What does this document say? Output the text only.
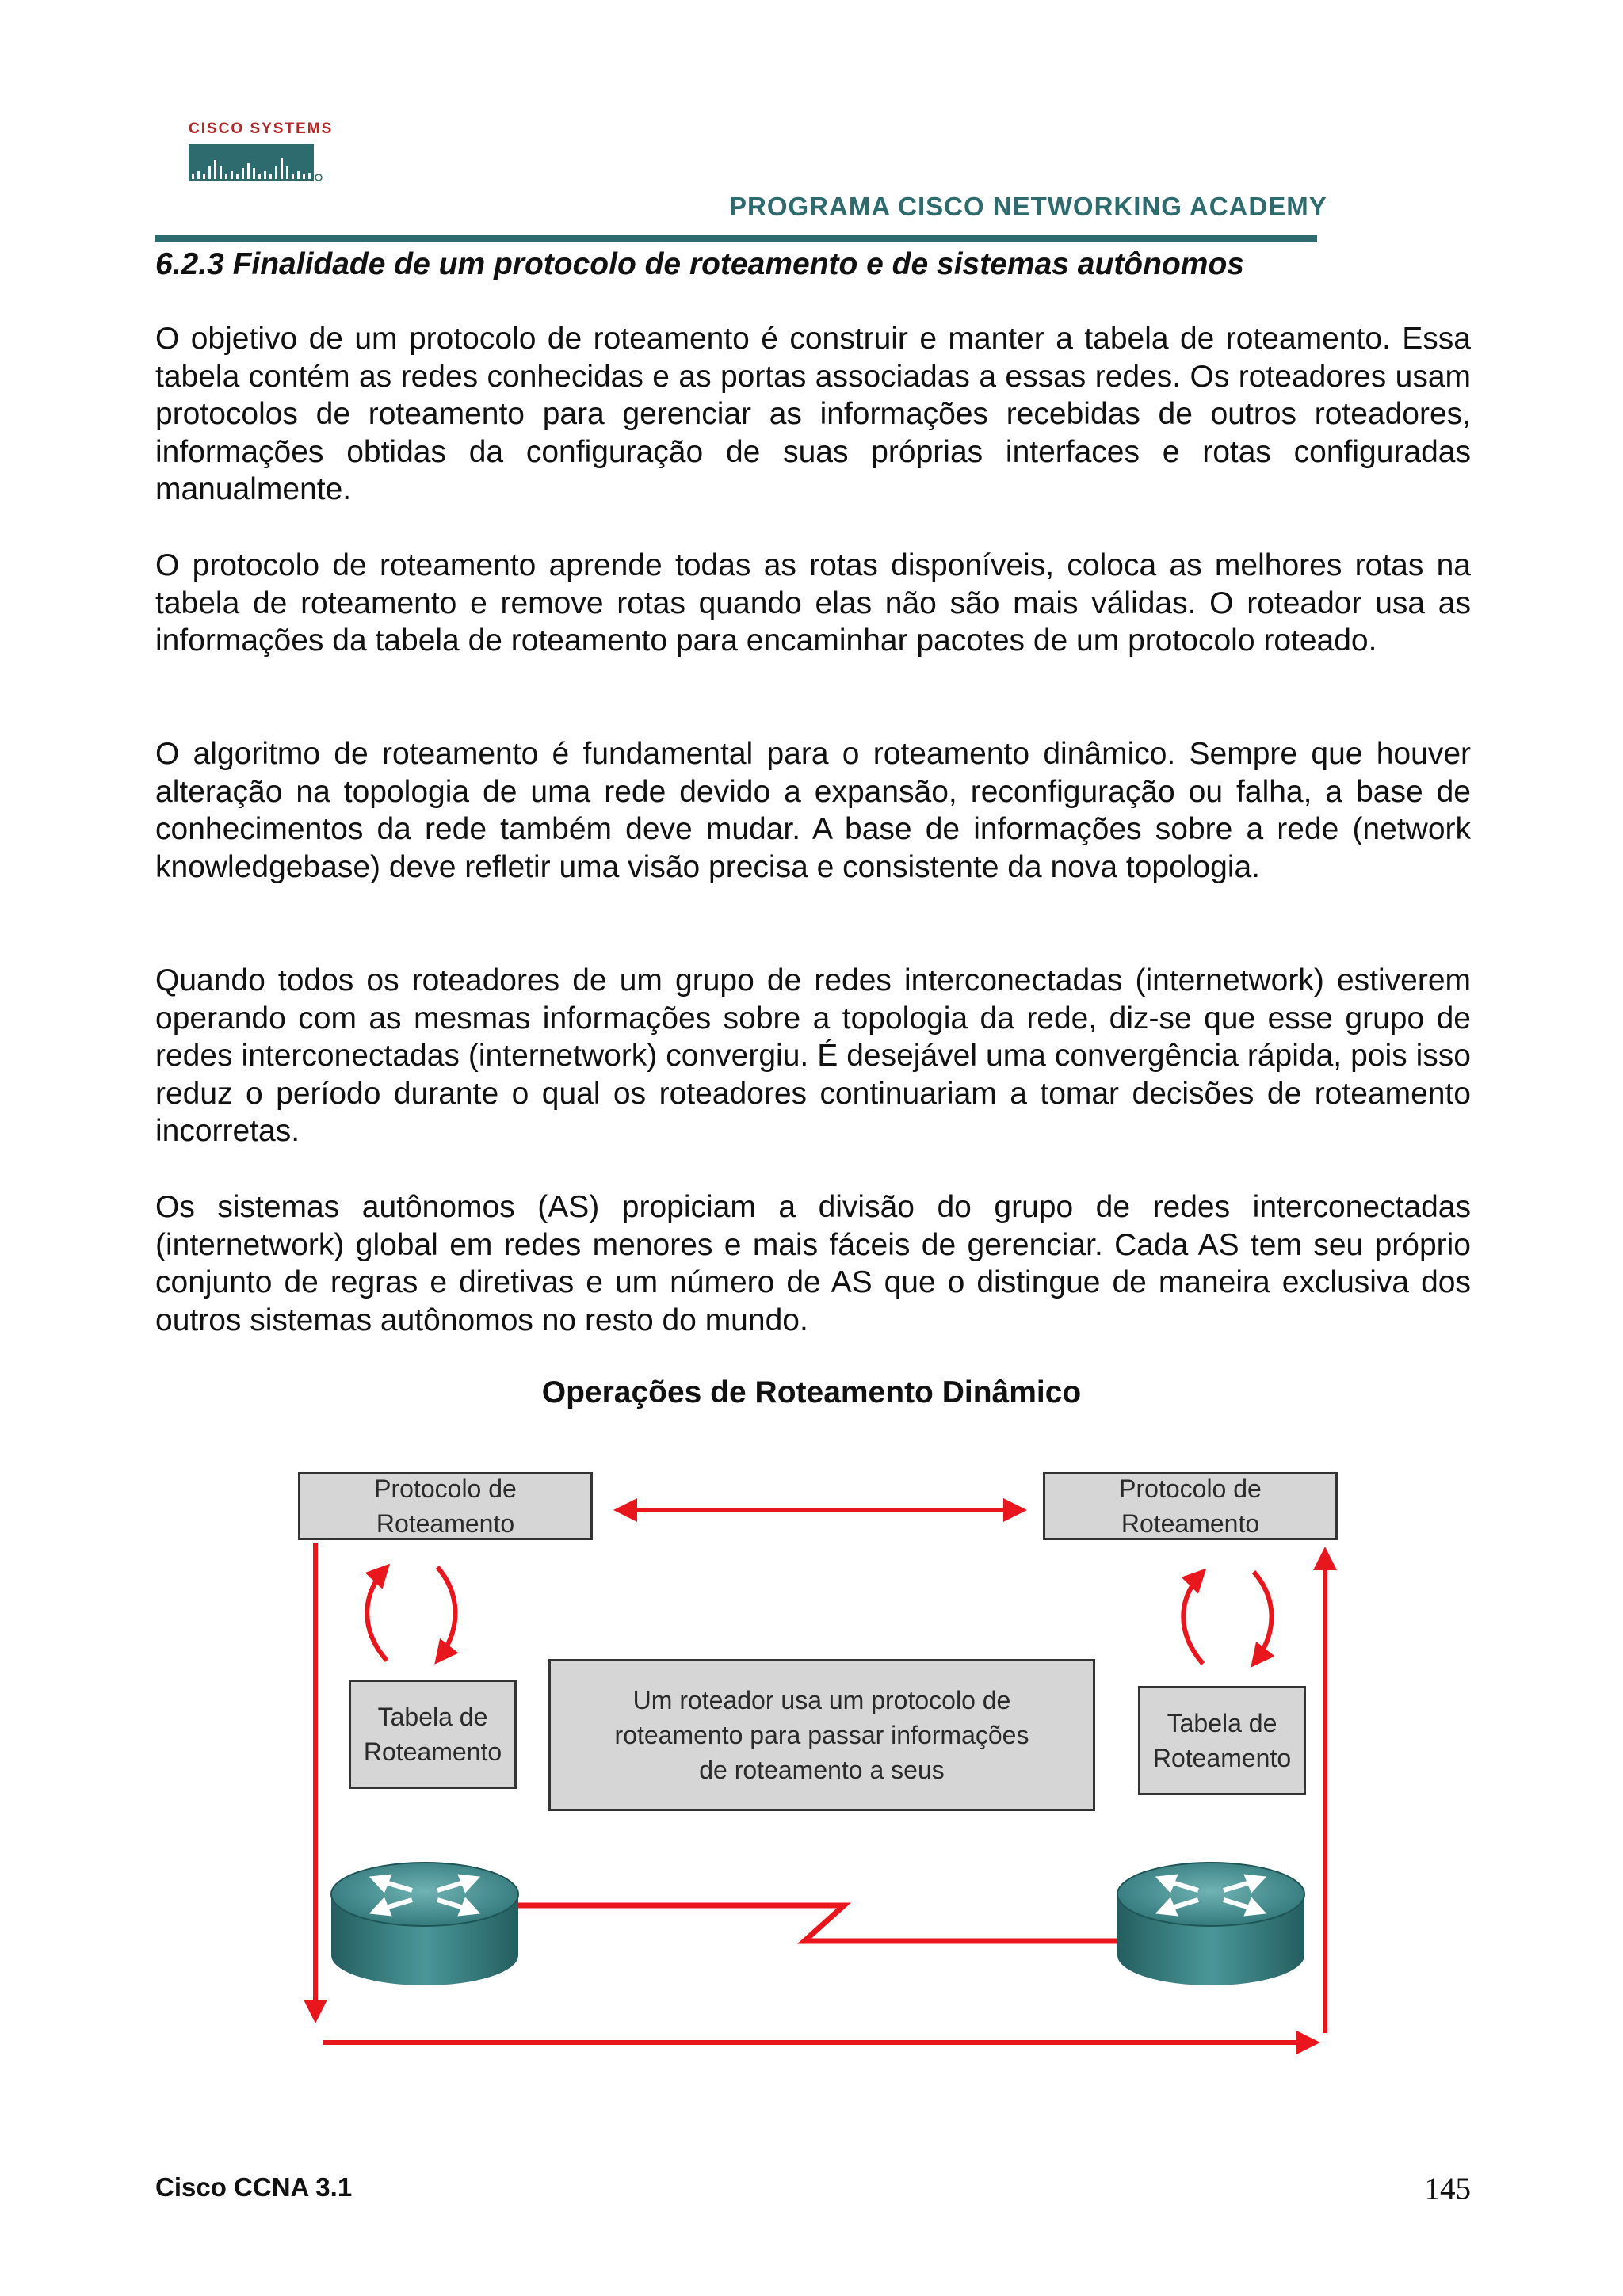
CISCO SYSTEMS
PROGRAMA CISCO NETWORKING ACADEMY
6.2.3 Finalidade de um protocolo de roteamento e de sistemas autônomos

O objetivo de um protocolo de roteamento é construir e manter a tabela de roteamento. Essa tabela contém as redes conhecidas e as portas associadas a essas redes. Os roteadores usam protocolos de roteamento para gerenciar as informações recebidas de outros roteadores, informações obtidas da configuração de suas próprias interfaces e rotas configuradas manualmente.

O protocolo de roteamento aprende todas as rotas disponíveis, coloca as melhores rotas na tabela de roteamento e remove rotas quando elas não são mais válidas. O roteador usa as informações da tabela de roteamento para encaminhar pacotes de um protocolo roteado.

O algoritmo de roteamento é fundamental para o roteamento dinâmico. Sempre que houver alteração na topologia de uma rede devido a expansão, reconfiguração ou falha, a base de conhecimentos da rede também deve mudar. A base de informações sobre a rede (network knowledgebase) deve refletir uma visão precisa e consistente da nova topologia.

Quando todos os roteadores de um grupo de redes interconectadas (internetwork) estiverem operando com as mesmas informações sobre a topologia da rede, diz-se que esse grupo de redes interconectadas (internetwork) convergiu. É desejável uma convergência rápida, pois isso reduz o período durante o qual os roteadores continuariam a tomar decisões de roteamento incorretas.

Os sistemas autônomos (AS) propiciam a divisão do grupo de redes interconectadas (internetwork) global em redes menores e mais fáceis de gerenciar. Cada AS tem seu próprio conjunto de regras e diretivas e um número de AS que o distingue de maneira exclusiva dos outros sistemas autônomos no resto do mundo.

Operações de Roteamento Dinâmico
Protocolo de
Roteamento
Protocolo de
Roteamento
Tabela de
Roteamento
Tabela de
Roteamento
Um roteador usa um protocolo de
roteamento para passar informações
de roteamento a seus
Cisco CCNA 3.1	145
